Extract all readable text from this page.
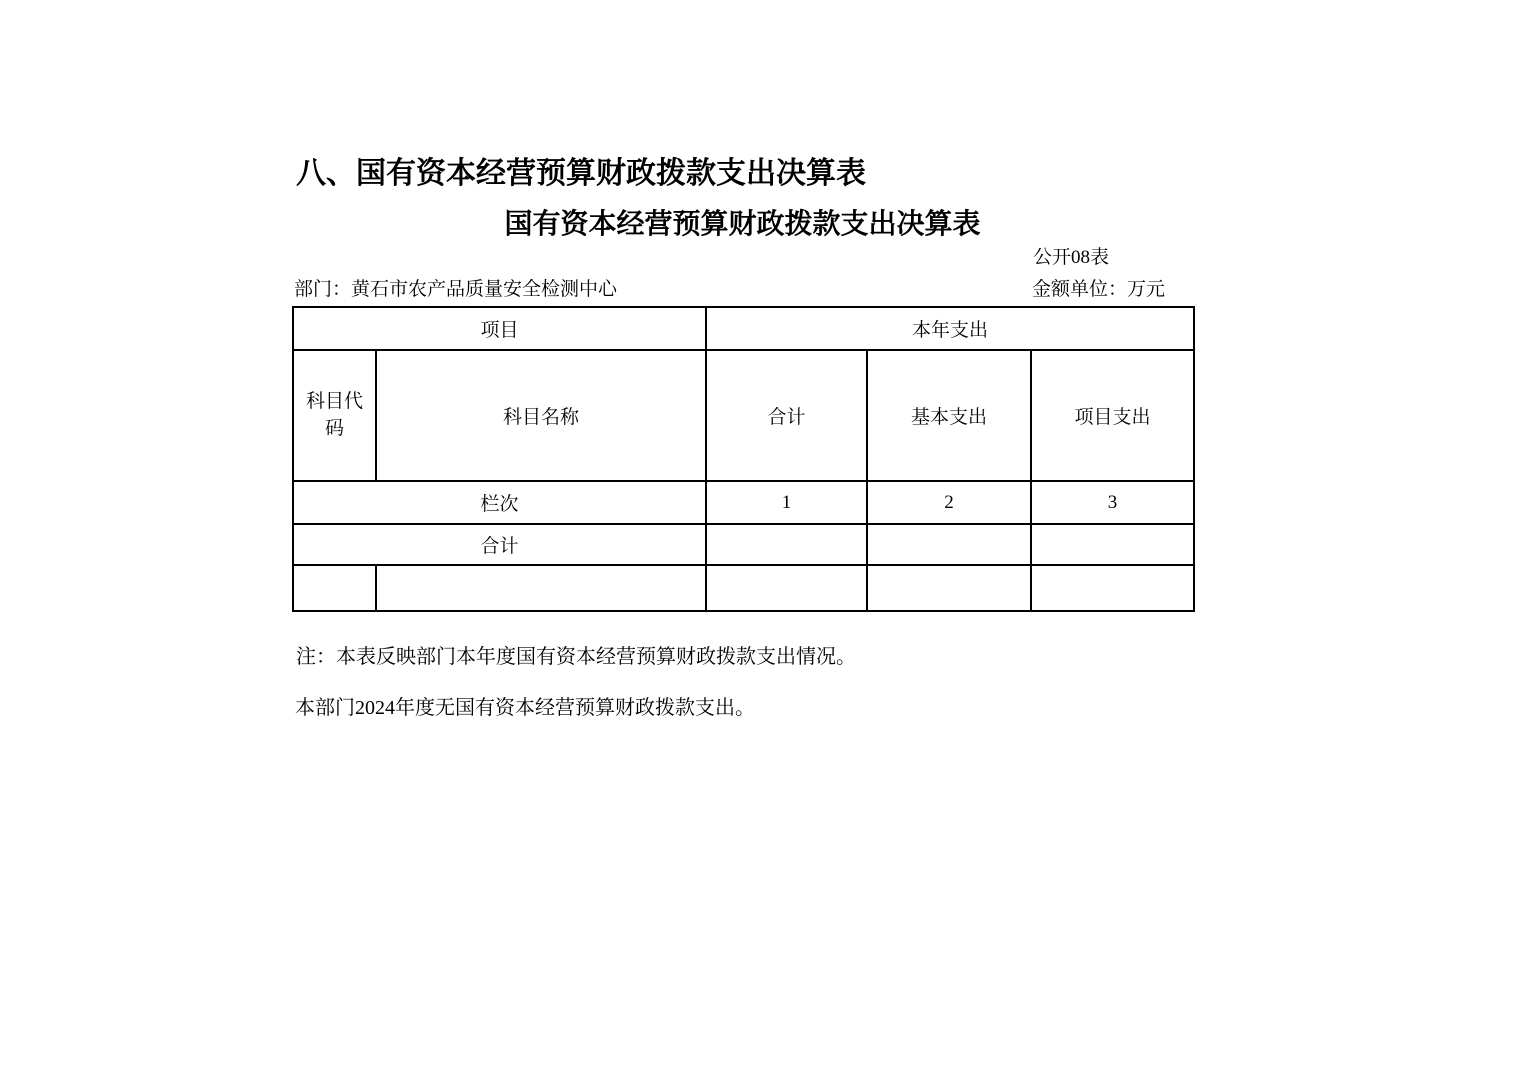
八、国有资本经营预算财政拨款支出决算表
国有资本经营预算财政拨款支出决算表
公开08表
部门：黄石市农产品质量安全检测中心	金额单位：万元
项目		本年支出		
科目代码	科目名称	合计	基本支出	项目支出
栏次		1	2	3
合计				

注：本表反映部门本年度国有资本经营预算财政拨款支出情况。
本部门2024年度无国有资本经营预算财政拨款支出。
